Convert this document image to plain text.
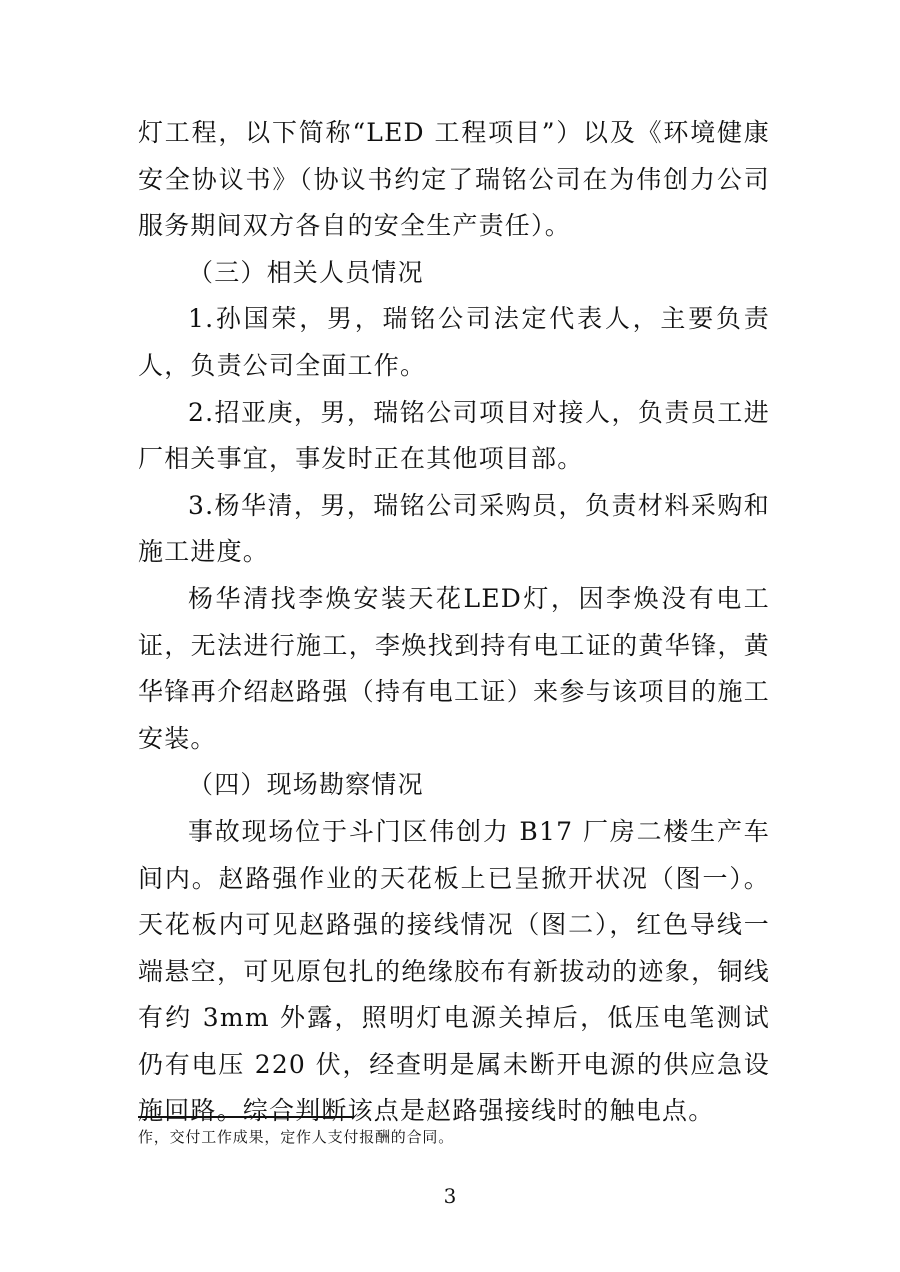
灯工程，以下简称“LED 工程项目”）以及《环境健康安全协议书》（协议书约定了瑞铭公司在为伟创力公司服务期间双方各自的安全生产责任）。

（三）相关人员情况

1.孙国荣，男，瑞铭公司法定代表人，主要负责人，负责公司全面工作。

2.招亚庚，男，瑞铭公司项目对接人，负责员工进厂相关事宜，事发时正在其他项目部。

3.杨华清，男，瑞铭公司采购员，负责材料采购和施工进度。

杨华清找李焕安装天花LED灯，因李焕没有电工证，无法进行施工，李焕找到持有电工证的黄华锋，黄华锋再介绍赵路强（持有电工证）来参与该项目的施工安装。

（四）现场勘察情况

事故现场位于斗门区伟创力 B17 厂房二楼生产车间内。赵路强作业的天花板上已呈掀开状况（图一）。天花板内可见赵路强的接线情况（图二），红色导线一端悬空，可见原包扎的绝缘胶布有新拔动的迹象，铜线有约 3mm 外露，照明灯电源关掉后，低压电笔测试仍有电压 220 伏，经查明是属未断开电源的供应急设施回路。综合判断该点是赵路强接线时的触电点。

作，交付工作成果，定作人支付报酬的合同。
3
